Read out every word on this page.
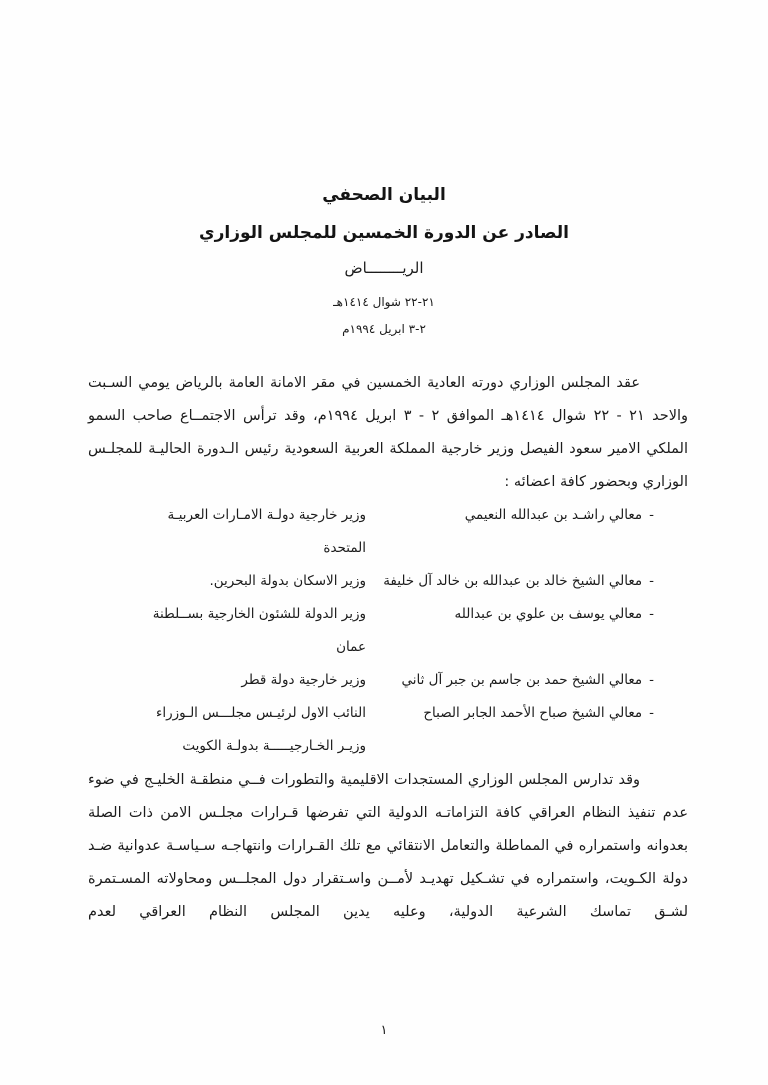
البيان الصحفي

الصادر عن الدورة الخمسين للمجلس الوزاري

الريــــــــاض

٢١-٢٢ شوال ١٤١٤هـ

٢-٣ ابريل ١٩٩٤م

عقد المجلس الوزاري دورته العادية الخمسين في مقر الامانة العامة بالرياض يومي السـبت والاحد ٢١ - ٢٢ شوال ١٤١٤هـ الموافق ٢ - ٣ ابريل ١٩٩٤م، وقد ترأس الاجتمــاع صاحب السمو الملكي الامير سعود الفيصل وزير خارجية المملكة العربية السعودية رئيس الـدورة الحاليـة للمجلـس الوزاري وبحضور كافة اعضائه :

-معالي راشـد بن عبدالله النعيمي	وزير خارجية دولـة الامـارات العربيـة
المتحدة

-معالي الشيخ خالد بن عبدالله بن خالد آل خليفة	وزير الاسكان بدولة البحرين.

-معالي يوسف بن علوي بن عبدالله	وزير الدولة للشئون الخارجية بســلطنة
عمان

-معالي الشيخ حمد بن جاسم بن جبر آل ثاني	وزير خارجية دولة قطر

-معالي الشيخ صباح الأحمد الجابر الصباح	النائب الاول لرئيـس مجلـــس الـوزراء
وزيـر الخـارجيـــــة بدولـة الكويت

وقد تدارس المجلس الوزاري المستجدات الاقليمية والتطورات فــي منطقـة الخليـج في ضوء عدم تنفيذ النظام العراقي كافة التزاماتـه الدولية التي تفرضها قـرارات مجلـس الامن ذات الصلة بعدوانه واستمراره في المماطلة والتعامل الانتقائي مع تلك القـرارات وانتهاجـه سـياسـة عدوانية ضـد دولة الكـويت، واستمراره في تشـكيل تهديـد لأمــن واسـتقرار دول المجلــس ومحاولاته المسـتمرة لشـق تماسك الشرعية الدولية، وعليه يدين المجلس النظام العراقي لعدم

١
